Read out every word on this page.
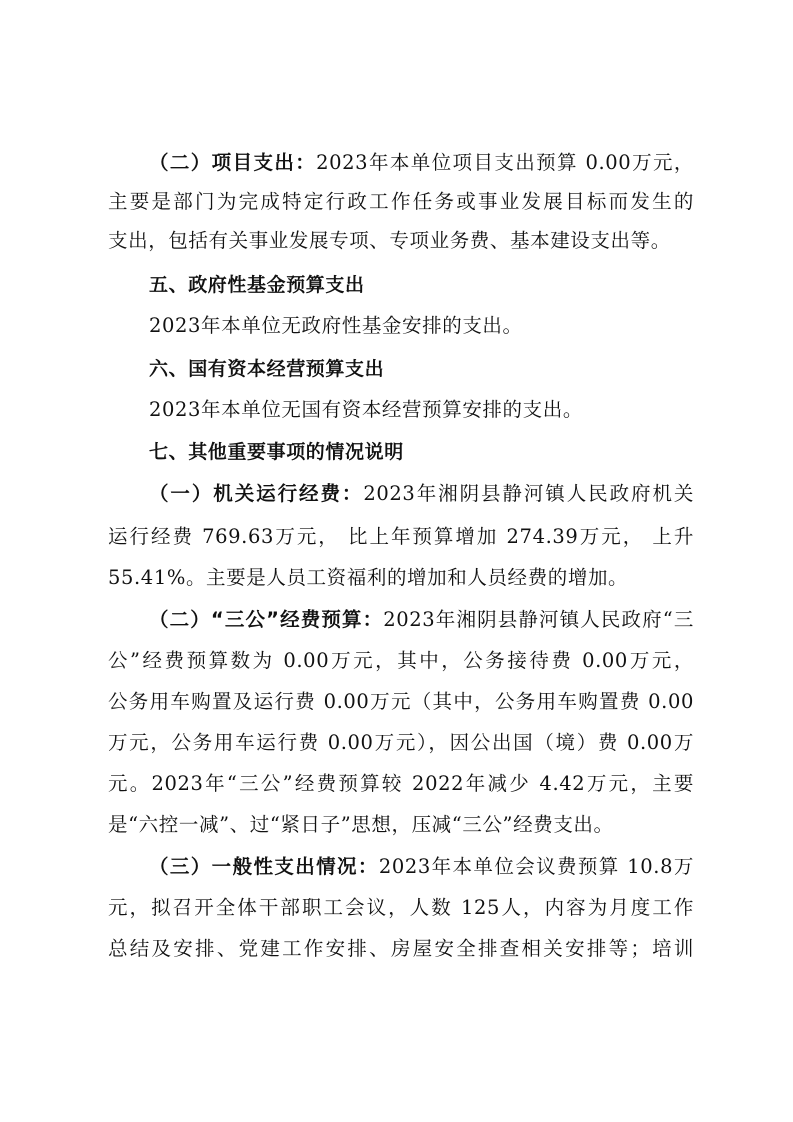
（二）项目支出：2023年本单位项目支出预算 0.00万元，
主要是部门为完成特定行政工作任务或事业发展目标而发生的
支出，包括有关事业发展专项、专项业务费、基本建设支出等。
五、政府性基金预算支出
2023年本单位无政府性基金安排的支出。
六、国有资本经营预算支出
2023年本单位无国有资本经营预算安排的支出。
七、其他重要事项的情况说明
（一）机关运行经费：2023年湘阴县静河镇人民政府机关
运行经费 769.63万元， 比上年预算增加 274.39万元， 上升
55.41%。主要是人员工资福利的增加和人员经费的增加。
（二）“三公”经费预算：2023年湘阴县静河镇人民政府“三
公”经费预算数为 0.00万元，其中，公务接待费 0.00万元，
公务用车购置及运行费 0.00万元（其中，公务用车购置费 0.00
万元，公务用车运行费 0.00万元），因公出国（境）费 0.00万
元。2023年“三公”经费预算较 2022年减少 4.42万元，主要
是“六控一减”、过“紧日子”思想，压减“三公”经费支出。
（三）一般性支出情况：2023年本单位会议费预算 10.8万
元，拟召开全体干部职工会议，人数 125人，内容为月度工作
总结及安排、党建工作安排、房屋安全排查相关安排等；培训
